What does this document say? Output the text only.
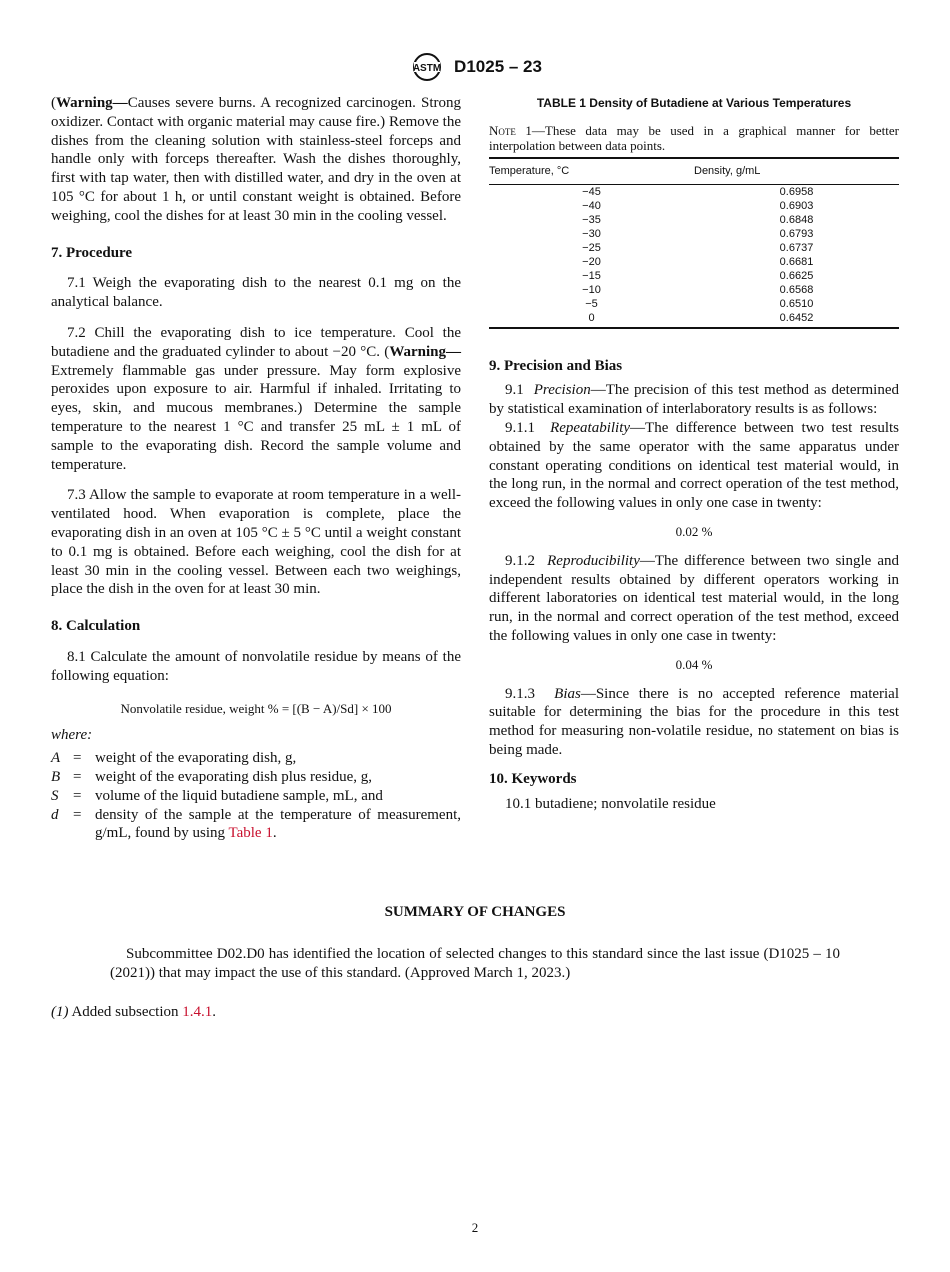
ASTM D1025 – 23

(Warning—Causes severe burns. A recognized carcinogen. Strong oxidizer. Contact with organic material may cause fire.) Remove the dishes from the cleaning solution with stainless-steel forceps and handle only with forceps thereafter. Wash the dishes thoroughly, first with tap water, then with distilled water, and dry in the oven at 105 °C for about 1 h, or until constant weight is obtained. Before weighing, cool the dishes for at least 30 min in the cooling vessel.

7. Procedure

7.1 Weigh the evaporating dish to the nearest 0.1 mg on the analytical balance.

7.2 Chill the evaporating dish to ice temperature. Cool the butadiene and the graduated cylinder to about −20 °C. (Warning—Extremely flammable gas under pressure. May form explosive peroxides upon exposure to air. Harmful if inhaled. Irritating to eyes, skin, and mucous membranes.) Determine the sample temperature to the nearest 1 °C and transfer 25 mL ± 1 mL of sample to the evaporating dish. Record the sample volume and temperature.

7.3 Allow the sample to evaporate at room temperature in a well-ventilated hood. When evaporation is complete, place the evaporating dish in an oven at 105 °C ± 5 °C until a weight constant to 0.1 mg is obtained. Before each weighing, cool the dish for at least 30 min in the cooling vessel. Between each two weighings, place the dish in the oven for at least 30 min.

8. Calculation

8.1 Calculate the amount of nonvolatile residue by means of the following equation:

Nonvolatile residue, weight % = [(B − A)/Sd] × 100
where:
A = weight of the evaporating dish, g,
B = weight of the evaporating dish plus residue, g,
S = volume of the liquid butadiene sample, mL, and
d = density of the sample at the temperature of measurement, g/mL, found by using Table 1.
TABLE 1 Density of Butadiene at Various Temperatures

Note 1—These data may be used in a graphical manner for better interpolation between data points.

Temperature, °C	Density, g/mL
−45	0.6958
−40	0.6903
−35	0.6848
−30	0.6793
−25	0.6737
−20	0.6681
−15	0.6625
−10	0.6568
−5	0.6510
0	0.6452
9. Precision and Bias

9.1 Precision—The precision of this test method as determined by statistical examination of interlaboratory results is as follows:

9.1.1 Repeatability—The difference between two test results obtained by the same operator with the same apparatus under constant operating conditions on identical test material would, in the long run, in the normal and correct operation of the test method, exceed the following values in only one case in twenty:

0.02 %

9.1.2 Reproducibility—The difference between two single and independent results obtained by different operators working in different laboratories on identical test material would, in the long run, in the normal and correct operation of the test method, exceed the following values in only one case in twenty:

0.04 %

9.1.3 Bias—Since there is no accepted reference material suitable for determining the bias for the procedure in this test method for measuring non-volatile residue, no statement on bias is being made.

10. Keywords

10.1 butadiene; nonvolatile residue

SUMMARY OF CHANGES

Subcommittee D02.D0 has identified the location of selected changes to this standard since the last issue (D1025 – 10 (2021)) that may impact the use of this standard. (Approved March 1, 2023.)

(1) Added subsection 1.4.1.

2
